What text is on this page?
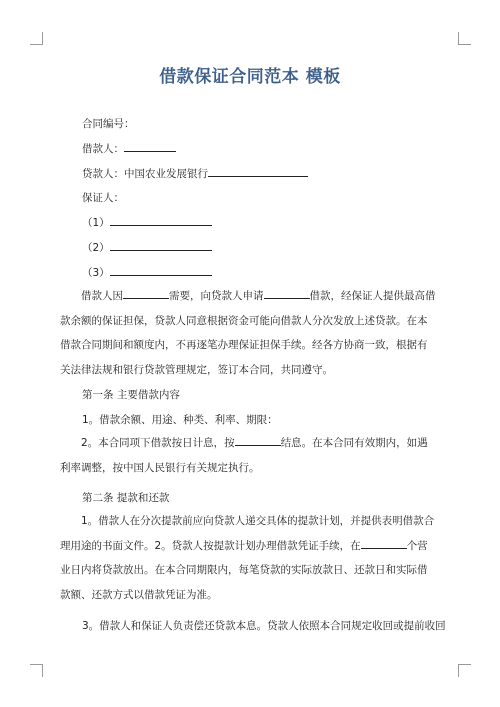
借款保证合同范本 模板
合同编号：
借款人：
贷款人：中国农业发展银行
保证人：
（1）
（2）
（3）
借款人因	需要，向贷款人申请	借款，经保证人提供最高借款余额的保证担保，贷款人同意根据资金可能向借款人分次发放上述贷款。在本借款合同期间和额度内，不再逐笔办理保证担保手续。经各方协商一致，根据有关法律法规和银行贷款管理规定，签订本合同，共同遵守。
第一条 主要借款内容
1。借款余额、用途、种类、利率、期限：
2。本合同项下借款按日计息，按	结息。在本合同有效期内，如遇利率调整，按中国人民银行有关规定执行。
第二条 提款和还款
1。借款人在分次提款前应向贷款人递交具体的提款计划，并提供表明借款合理用途的书面文件。2。贷款人按提款计划办理借款凭证手续，在	个营业日内将贷款放出。在本合同期限内，每笔贷款的实际放款日、还款日和实际借款额、还款方式以借款凭证为准。
3。借款人和保证人负责偿还贷款本息。贷款人依照本合同规定收回或提前收回
